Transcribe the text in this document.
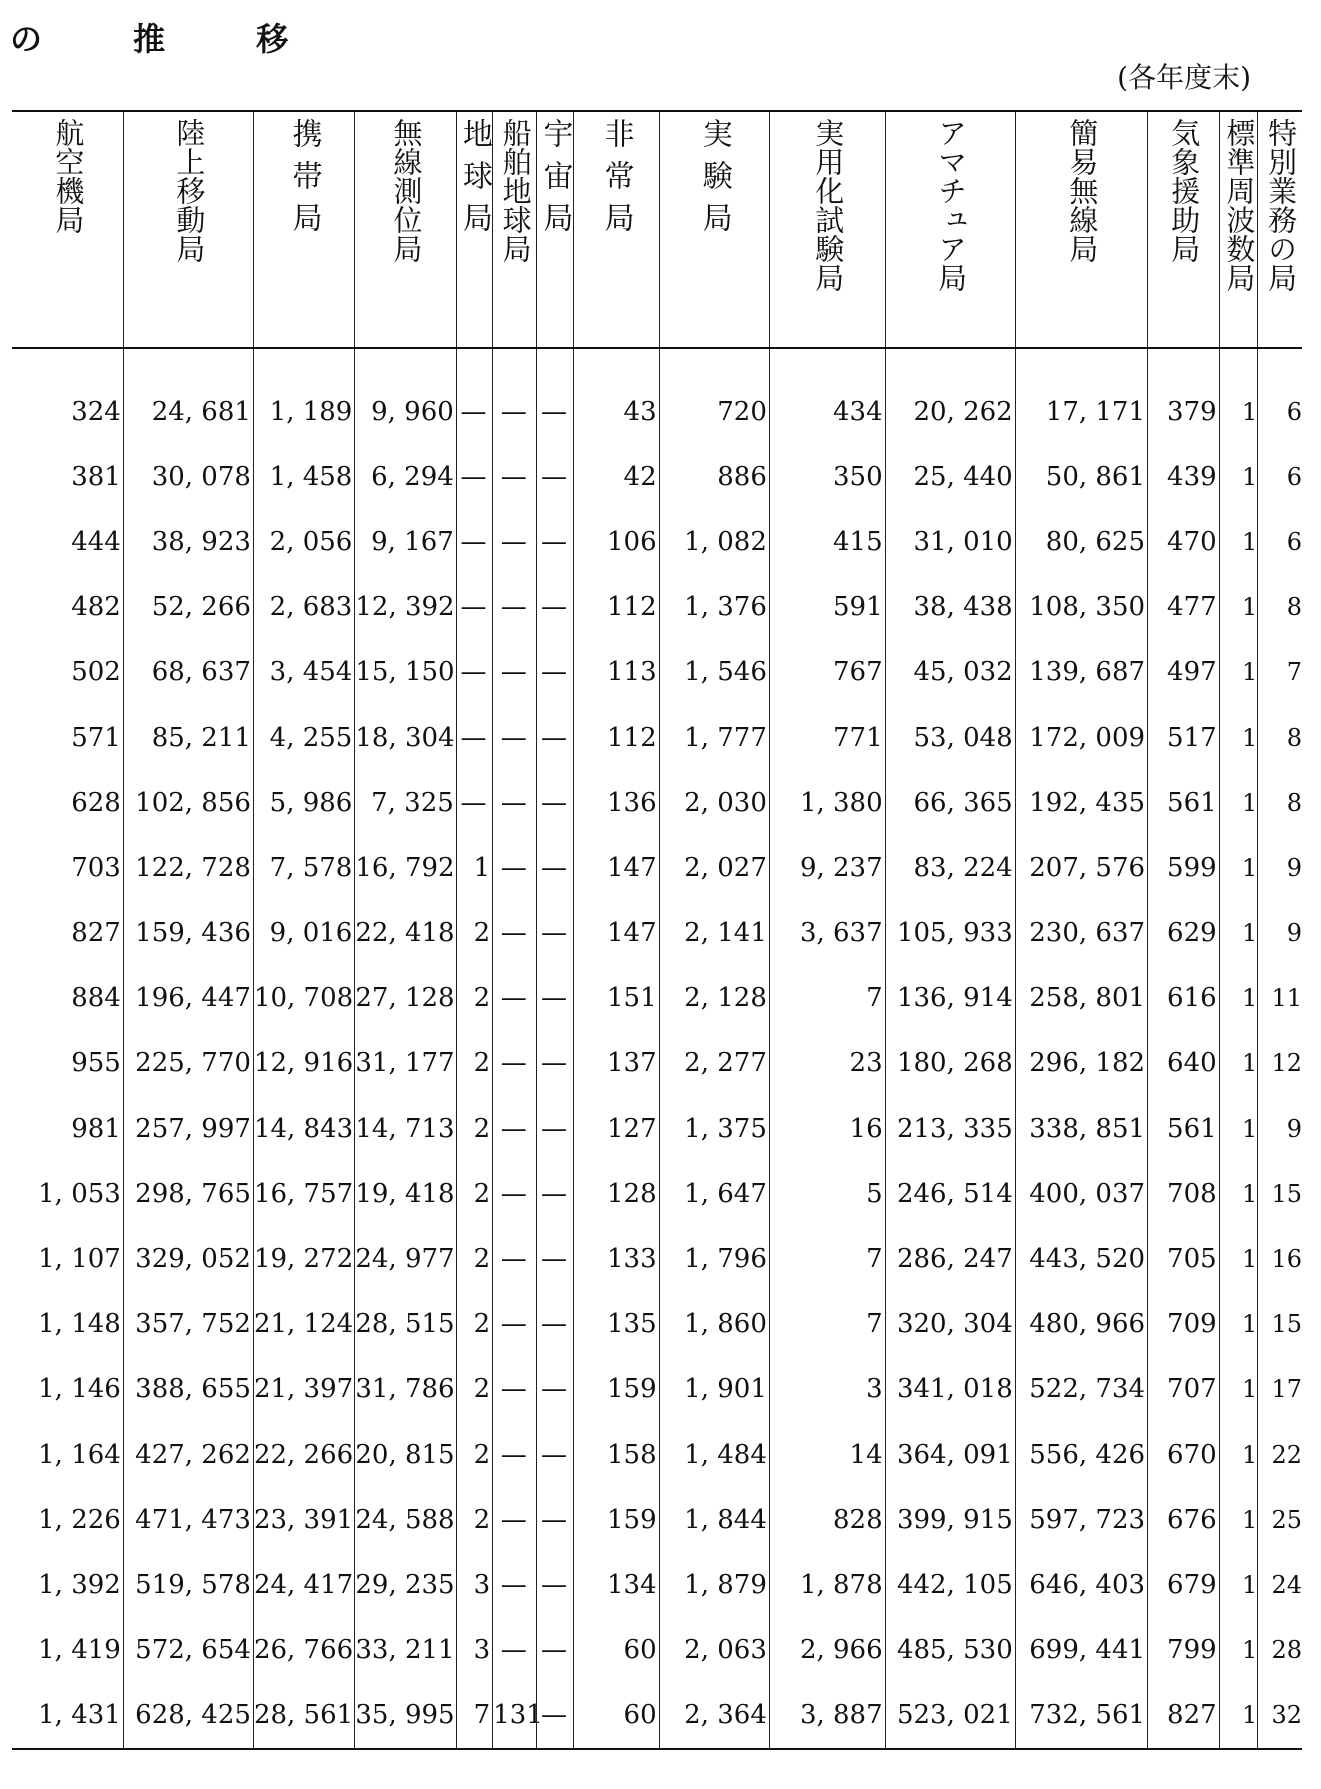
の 推 移
(各年度末)
航空機局	陸上移動局	携帯局	無線測位局	地球局	船舶地球局	宇宙局	非常局	実験局	実用化試験局	アマチュア局	簡易無線局	気象援助局	標準周波数局	特別業務の局

324	24, 681	1, 189	9, 960	—	—	—	43	720	434	20, 262	17, 171	379	1	6
381	30, 078	1, 458	6, 294	—	—	—	42	886	350	25, 440	50, 861	439	1	6
444	38, 923	2, 056	9, 167	—	—	—	106	1, 082	415	31, 010	80, 625	470	1	6
482	52, 266	2, 683	12, 392	—	—	—	112	1, 376	591	38, 438	108, 350	477	1	8
502	68, 637	3, 454	15, 150	—	—	—	113	1, 546	767	45, 032	139, 687	497	1	7
571	85, 211	4, 255	18, 304	—	—	—	112	1, 777	771	53, 048	172, 009	517	1	8
628	102, 856	5, 986	7, 325	—	—	—	136	2, 030	1, 380	66, 365	192, 435	561	1	8
703	122, 728	7, 578	16, 792	1	—	—	147	2, 027	9, 237	83, 224	207, 576	599	1	9
827	159, 436	9, 016	22, 418	2	—	—	147	2, 141	3, 637	105, 933	230, 637	629	1	9
884	196, 447	10, 708	27, 128	2	—	—	151	2, 128	7	136, 914	258, 801	616	1	11
955	225, 770	12, 916	31, 177	2	—	—	137	2, 277	23	180, 268	296, 182	640	1	12
981	257, 997	14, 843	14, 713	2	—	—	127	1, 375	16	213, 335	338, 851	561	1	9
1, 053	298, 765	16, 757	19, 418	2	—	—	128	1, 647	5	246, 514	400, 037	708	1	15
1, 107	329, 052	19, 272	24, 977	2	—	—	133	1, 796	7	286, 247	443, 520	705	1	16
1, 148	357, 752	21, 124	28, 515	2	—	—	135	1, 860	7	320, 304	480, 966	709	1	15
1, 146	388, 655	21, 397	31, 786	2	—	—	159	1, 901	3	341, 018	522, 734	707	1	17
1, 164	427, 262	22, 266	20, 815	2	—	—	158	1, 484	14	364, 091	556, 426	670	1	22
1, 226	471, 473	23, 391	24, 588	2	—	—	159	1, 844	828	399, 915	597, 723	676	1	25
1, 392	519, 578	24, 417	29, 235	3	—	—	134	1, 879	1, 878	442, 105	646, 403	679	1	24
1, 419	572, 654	26, 766	33, 211	3	—	—	60	2, 063	2, 966	485, 530	699, 441	799	1	28
1, 431	628, 425	28, 561	35, 995	7	131	—	60	2, 364	3, 887	523, 021	732, 561	827	1	32
